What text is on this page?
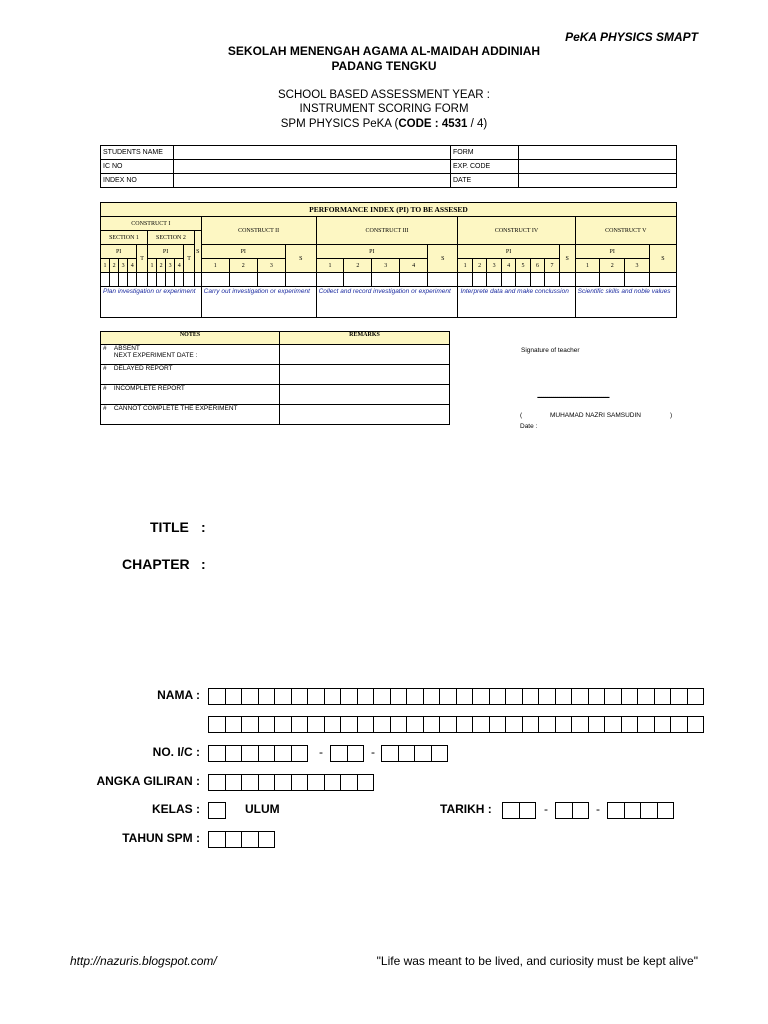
PeKA PHYSICS SMAPT
SEKOLAH MENENGAH AGAMA AL-MAIDAH ADDINIAH
PADANG TENGKU
SCHOOL BASED ASSESSMENT YEAR :
INSTRUMENT SCORING FORM
SPM PHYSICS PeKA (CODE : 4531 / 4)
STUDENTS NAME		FORM	
IC NO		EXP. CODE	
INDEX NO		DATE	
PERFORMANCE INDEX (PI) TO BE ASSESED																															
CONSTRUCT I											CONSTRUCT II				CONSTRUCT III					CONSTRUCT IV								CONSTRUCT V			
SECTION 1					SECTION 2					S																					
PI				T	PI				T		PI			S	PI				S	PI							S	PI			S
1	2	3	4		1	2	3	4			1	2	3		1	2	3	4		1	2	3	4	5	6	7		1	2	3	

Plan investigation or experiment											Carry out investigation or experiment				Collect and record investigation or experiment					Interprete data and make conclussion								Scientific skills and noble values			
NOTES	REMARKS
# ABSENT
NEXT EXPERIMENT DATE :	
# DELAYED REPORT	
# INCOMPLETE REPORT	
# CANNOT COMPLETE THE EXPERIMENT	
Signature of teacher
------------------------------------
(	MUHAMAD NAZRI SAMSUDIN	)
Date :
TITLE :
CHAPTER :
NAMA :
NO. I/C :	-	-
ANGKA GILIRAN :
KELAS :	ULUM	TARIKH :	-	-
TAHUN SPM :
http://nazuris.blogspot.com/	"Life was meant to be lived, and curiosity must be kept alive"
